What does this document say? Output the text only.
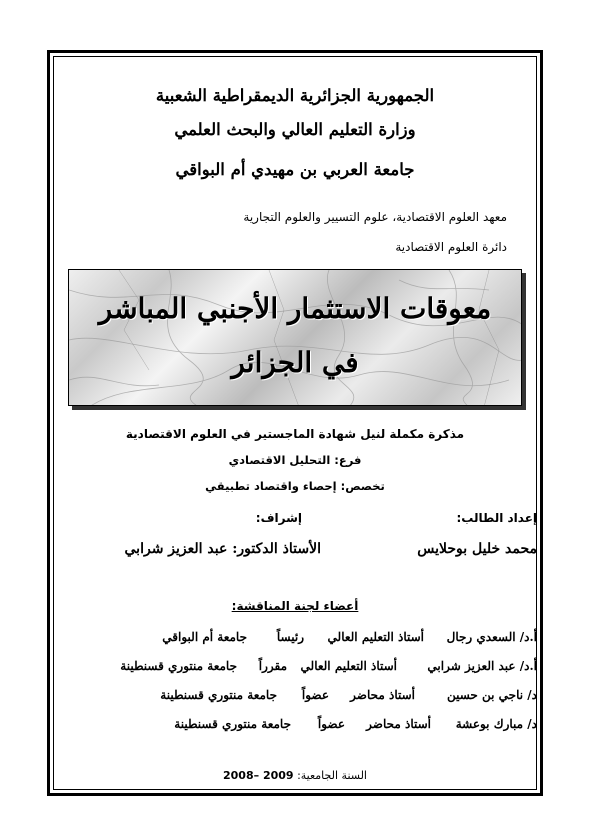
الجمهورية الجزائرية الديمقراطية الشعبية
وزارة التعليم العالي والبحث العلمي
جامعة العربي بن مهيدي أم البواقي
معهد العلوم الاقتصادية، علوم التسيير والعلوم التجارية
دائرة العلوم الاقتصادية
معوقات الاستثمار الأجنبي المباشر
في الجزائر
مذكرة مكملة لنيل شهادة الماجستير في العلوم الاقتصادية
فرع: التحليل الاقتصادي
تخصص: إحصاء واقتصاد تطبيقي
إعداد الطالب:
إشراف:
محمد خليل بوحلايس
الأستاذ الدكتور: عبد العزيز شرابي
أعضاء لجنة المناقشة:
أ.د/ السعدي رجال
أستاذ التعليم العالي
رئيساً
جامعة أم البواقي
أ.د/ عبد العزيز شرابي
أستاذ التعليم العالي
مقرراً
جامعة منتوري قسنطينة
د/ ناجي بن حسين
أستاذ محاضر
عضواً
جامعة منتوري قسنطينة
د/ مبارك بوعشة
أستاذ محاضر
عضواً
جامعة منتوري قسنطينة
السنة الجامعية: 2008– 2009
